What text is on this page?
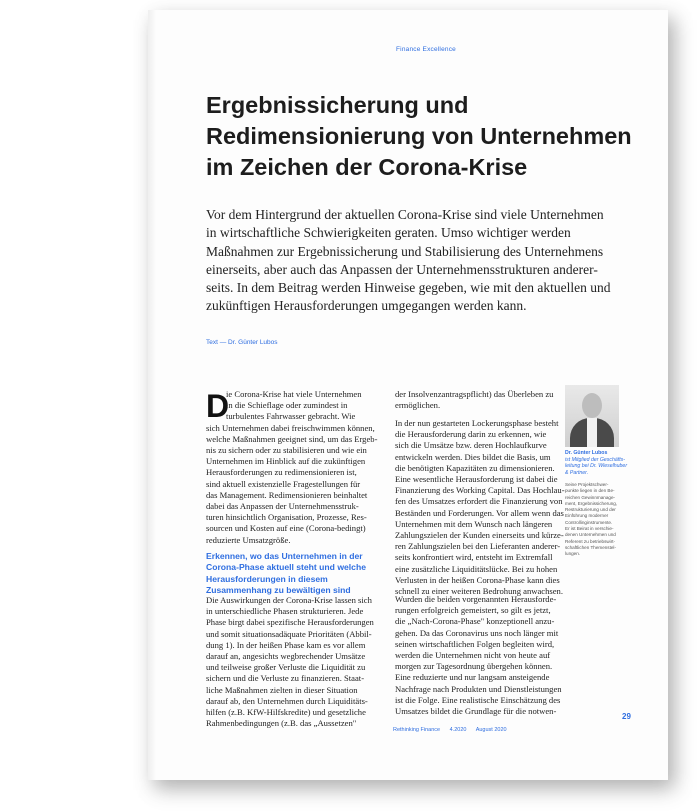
Finance Excellence
Ergebnissicherung und
Redimensionierung von Unternehmen
im Zeichen der Corona-Krise

Vor dem Hintergrund der aktuellen Corona-Krise sind viele Unternehmen
in wirtschaftliche Schwierigkeiten geraten. Umso wichtiger werden
Maßnahmen zur Ergebnissicherung und Stabilisierung des Unternehmens
einerseits, aber auch das Anpassen der Unternehmensstrukturen anderer-
seits. In dem Beitrag werden Hinweise gegeben, wie mit den aktuellen und
zukünftigen Herausforderungen umgegangen werden kann.

Text — Dr. Günter Lubos
D
ie Corona-Krise hat viele Unternehmen
in die Schieflage oder zumindest in
turbulentes Fahrwasser gebracht. Wie
sich Unternehmen dabei freischwimmen können,
welche Maßnahmen geeignet sind, um das Ergeb-
nis zu sichern oder zu stabilisieren und wie ein
Unternehmen im Hinblick auf die zukünftigen
Herausforderungen zu redimensionieren ist,
sind aktuell existenzielle Fragestellungen für
das Management. Redimensionieren beinhaltet
dabei das Anpassen der Unternehmensstruk-
turen hinsichtlich Organisation, Prozesse, Res-
sourcen und Kosten auf eine (Corona-bedingt)
reduzierte Umsatzgröße.
Erkennen, wo das Unternehmen in der
Corona-Phase aktuell steht und welche
Herausforderungen in diesem
Zusammenhang zu bewältigen sind
Die Auswirkungen der Corona-Krise lassen sich
in unterschiedliche Phasen strukturieren. Jede
Phase birgt dabei spezifische Herausforderungen
und somit situationsadäquate Prioritäten (Abbil-
dung 1). In der heißen Phase kam es vor allem
darauf an, angesichts wegbrechender Umsätze
und teilweise großer Verluste die Liquidität zu
sichern und die Verluste zu finanzieren. Staat-
liche Maßnahmen zielten in dieser Situation
darauf ab, den Unternehmen durch Liquiditäts-
hilfen (z.B. KfW-Hilfskredite) und gesetzliche
Rahmenbedingungen (z.B. das „Aussetzen"
der Insolvenzantragspflicht) das Überleben zu
ermöglichen.
In der nun gestarteten Lockerungsphase besteht
die Herausforderung darin zu erkennen, wie
sich die Umsätze bzw. deren Hochlaufkurve
entwickeln werden. Dies bildet die Basis, um
die benötigten Kapazitäten zu dimensionieren.
Eine wesentliche Herausforderung ist dabei die
Finanzierung des Working Capital. Das Hochlau-
fen des Umsatzes erfordert die Finanzierung von
Beständen und Forderungen. Vor allem wenn das
Unternehmen mit dem Wunsch nach längeren
Zahlungszielen der Kunden einerseits und kürze-
ren Zahlungszielen bei den Lieferanten anderer-
seits konfrontiert wird, entsteht im Extremfall
eine zusätzliche Liquiditätslücke. Bei zu hohen
Verlusten in der heißen Corona-Phase kann dies
schnell zu einer weiteren Bedrohung anwachsen.
Wurden die beiden vorgenannten Herausforde-
rungen erfolgreich gemeistert, so gilt es jetzt,
die „Nach-Corona-Phase" konzeptionell anzu-
gehen. Da das Coronavirus uns noch länger mit
seinen wirtschaftlichen Folgen begleiten wird,
werden die Unternehmen nicht von heute auf
morgen zur Tagesordnung übergehen können.
Eine reduzierte und nur langsam ansteigende
Nachfrage nach Produkten und Dienstleistungen
ist die Folge. Eine realistische Einschätzung des
Umsatzes bildet die Grundlage für die notwen-
Dr. Günter Lubos
ist Mitglied der Geschäfts-
leitung bei Dr. Wieselhuber
& Partner.
Seine Projektschwer-
punkte liegen in den Be-
reichen Gewinnmanage-
ment, Ergebnissicherung,
Restrukturierung und der
Einführung moderner
Controllinginstrumente.
Er ist Beirat in verschie-
denen Unternehmen und
Referent zu betriebswirt-
schaftlichen Themenstel-
lungen.
29
Rethinking Finance 4.2020 August 2020
